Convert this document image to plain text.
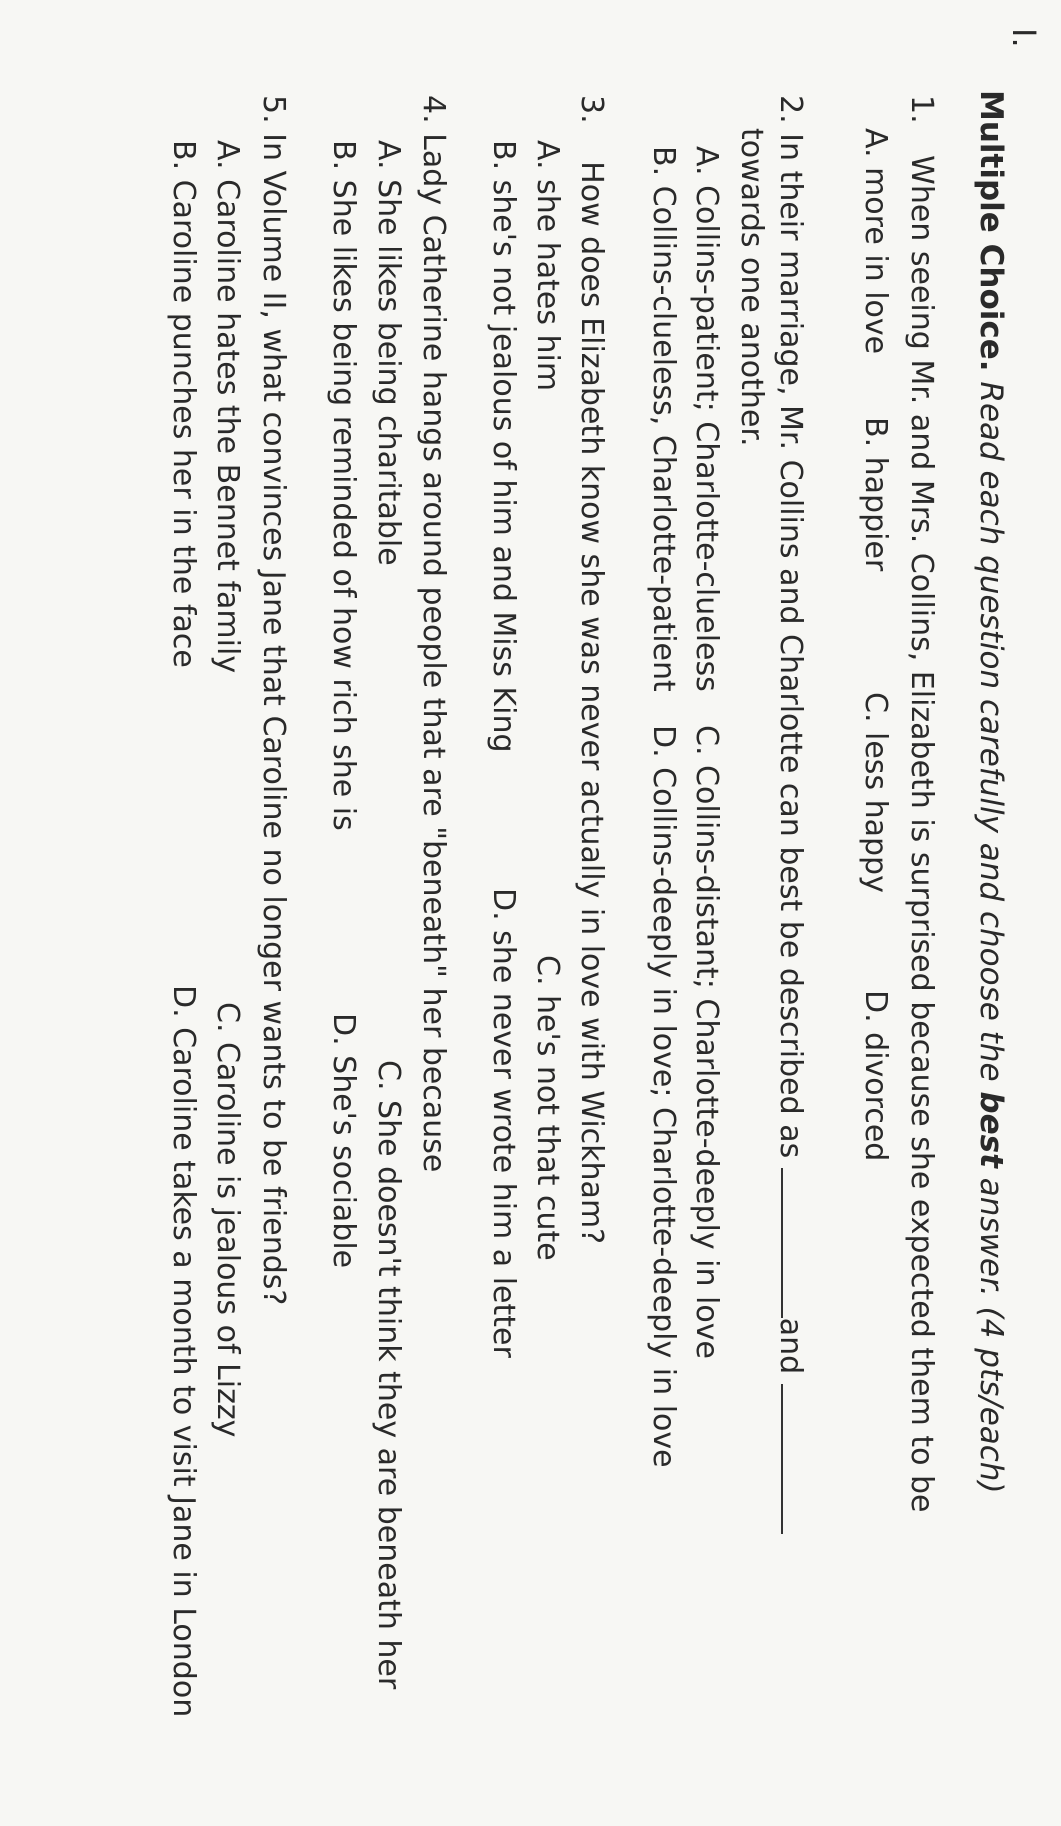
I.
Multiple Choice. Read each question carefully and choose the best answer. (4 pts/each)
1. When seeing Mr. and Mrs. Collins, Elizabeth is surprised because she expected them to be
A. more in love
B. happier
C. less happy
D. divorced
2. In their marriage, Mr. Collins and Charlotte can best be described as and
towards one another.
A. Collins-patient; Charlotte-clueless
C. Collins-distant; Charlotte-deeply in love
B. Collins-clueless, Charlotte-patient
D. Collins-deeply in love; Charlotte-deeply in love
3. How does Elizabeth know she was never actually in love with Wickham?
A. she hates him
C. he's not that cute
B. she's not jealous of him and Miss King
D. she never wrote him a letter
4. Lady Catherine hangs around people that are "beneath" her because
A. She likes being charitable
C. She doesn't think they are beneath her
B. She likes being reminded of how rich she is
D. She's sociable
5. In Volume II, what convinces Jane that Caroline no longer wants to be friends?
A. Caroline hates the Bennet family
C. Caroline is jealous of Lizzy
B. Caroline punches her in the face
D. Caroline takes a month to visit Jane in London
